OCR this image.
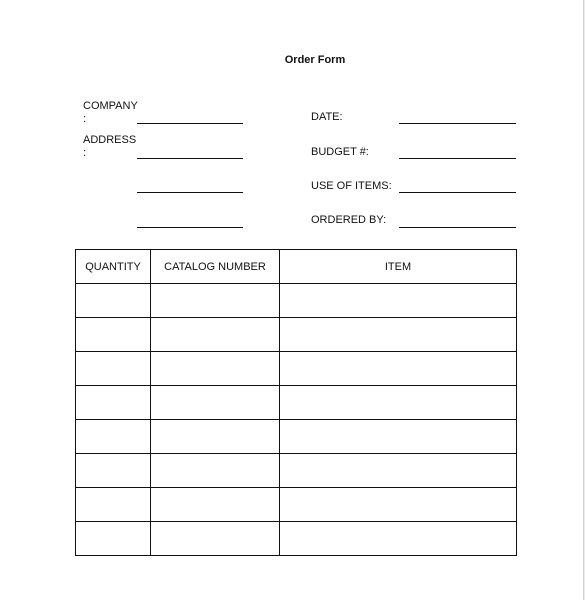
Order Form
COMPANY
:
ADDRESS
:
DATE:
BUDGET #:
USE OF ITEMS:
ORDERED BY:
QUANTITY	CATALOG NUMBER	ITEM
